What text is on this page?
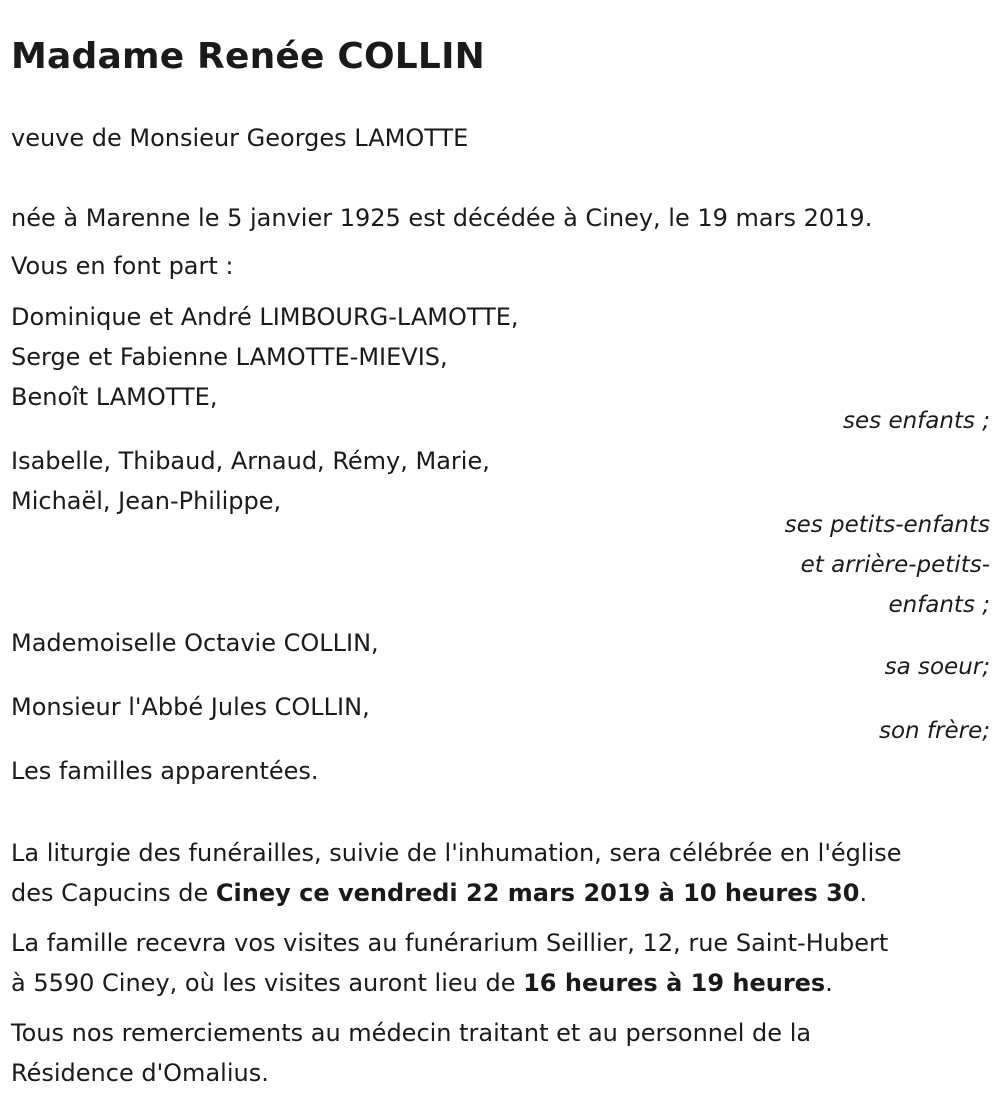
Madame Renée COLLIN

veuve de Monsieur Georges LAMOTTE

née à Marenne le 5 janvier 1925 est décédée à Ciney, le 19 mars 2019.

Vous en font part :

Dominique et André LIMBOURG-LAMOTTE,

Serge et Fabienne LAMOTTE-MIEVIS,

Benoît LAMOTTE,

ses enfants ;

Isabelle, Thibaud, Arnaud, Rémy, Marie,

Michaël, Jean-Philippe,

ses petits-enfants

et arrière-petits-

enfants ;

Mademoiselle Octavie COLLIN,

sa soeur;

Monsieur l'Abbé Jules COLLIN,

son frère;

Les familles apparentées.

La liturgie des funérailles, suivie de l'inhumation, sera célébrée en l'église

des Capucins de Ciney ce vendredi 22 mars 2019 à 10 heures 30.

La famille recevra vos visites au funérarium Seillier, 12, rue Saint-Hubert

à 5590 Ciney, où les visites auront lieu de 16 heures à 19 heures.

Tous nos remerciements au médecin traitant et au personnel de la

Résidence d'Omalius.
